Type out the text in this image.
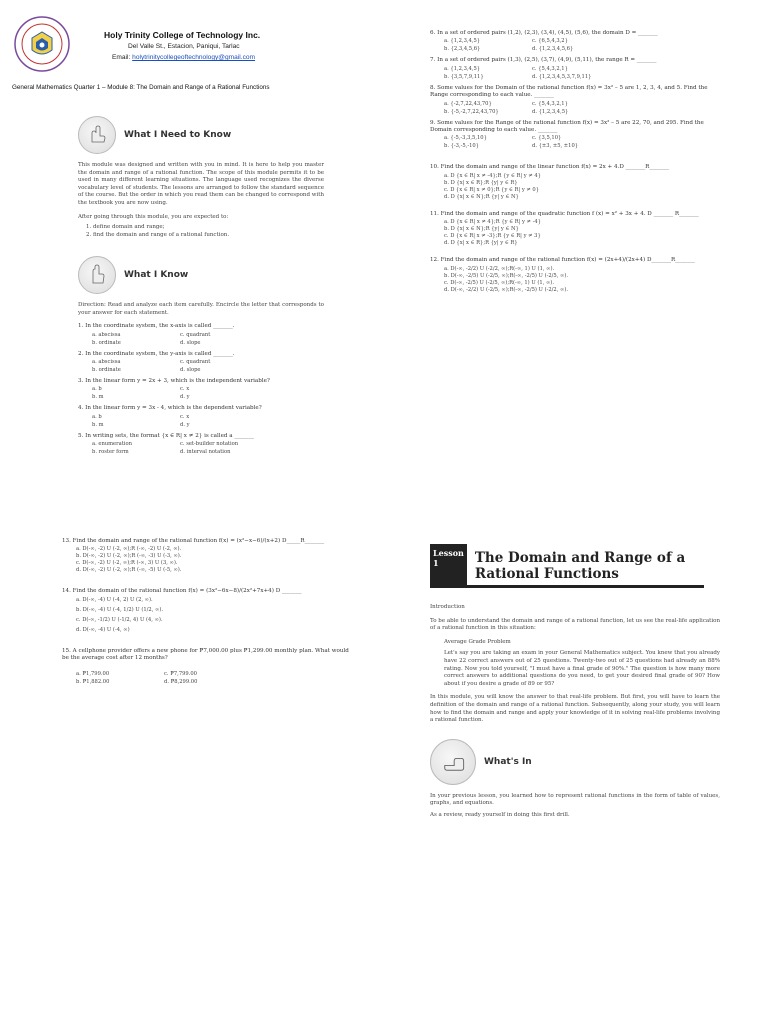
Holy Trinity College of Technology Inc.
Del Valle St., Estacion, Paniqui, Tarlac
Email: holytrinitycollegeoftechnology@gmail.com
General Mathematics Quarter 1 – Module 8: The Domain and Range of a Rational Functions
What I Need to Know
This module was designed and written with you in mind. It is here to help you master the domain and range of a rational function. The scope of this module permits it to be used in many different learning situations. The language used recognizes the diverse vocabulary level of students. The lessons are arranged to follow the standard sequence of the course. But the order in which you read them can be changed to correspond with the textbook you are now using.
After going through this module, you are expected to:
1. define domain and range;
2. find the domain and range of a rational function.
What I Know
Direction: Read and analyze each item carefully. Encircle the letter that corresponds to your answer for each statement.
1. In the coordinate system, the x-axis is called _______.
a. abscissa	c. quadrant
b. ordinate	d. slope
2. In the coordinate system, the y-axis is called _______.
a. abscissa	c. quadrant
b. ordinate	d. slope
3. In the linear form y = 2x + 3, which is the independent variable?
a. b	c. x
b. m	d. y
4. In the linear form y = 3x - 4, which is the dependent variable?
a. b	c. x
b. m	d. y
5. In writing sets, the format {x ∈ R| x ≠ 2} is called a _______
a. enumeration	c. set-builder notation
b. roster form	d. interval notation
6. In a set of ordered pairs (1,2), (2,3), (3,4), (4,5), (5,6), the domain D = _______
a. {1,2,3,4,5}	c. {6,5,4,3,2}
b. {2,3,4,5,6}	d. {1,2,3,4,5,6}
7. In a set of ordered pairs (1,3), (2,5), (3,7), (4,9), (5,11), the range R = _______
a. {1,2,3,4,5}	c. {5,4,3,2,1}
b. {3,5,7,9,11}	d. {1,2,3,4,5,3,7,9,11}
8. Some values for the Domain of the rational function f(x) = 3x² – 5 are 1, 2, 3, 4, and 5. Find the Range corresponding to each value. _______
a. {-2,7,22,43,70}	c. {5,4,3,2,1}
b. {-5,-2,7,22,43,70}	d. {1,2,3,4,5}
9. Some values for the Range of the rational function f(x) = 3x² – 5 are 22, 70, and 295. Find the Domain corresponding to each value. _______
a. {-5,-3,3,5,10}	c. {3,5,10}
b. {-3,-5,-10}	d. {±3, ±5, ±10}
10. Find the domain and range of the linear function f(x) = 2x + 4.D _______R_______
a. D {x ∈ R| x ≠ -4};R {y ∈ R| y ≠ 4}
b. D {x| x ∈ R};R {y| y ∈ R}
c. D {x ∈ R| x ≠ 0};R {y ∈ R| y ≠ 0}
d. D {x| x ∈ N};R {y| y ∈ N}
11. Find the domain and range of the quadratic function f (x) = x² + 3x + 4. D _______ R_______
a. D {x ∈ R| x ≠ 4};R {y ∈ R| y ≠ -4}
b. D {x| x ∈ N};R {y| y ∈ N}
c. D {x ∈ R| x ≠ -3};R {y ∈ R| y ≠ 3}
d. D {x| x ∈ R};R {y| y ∈ R}
12. Find the domain and range of the rational function f(x) = (2x+4)/(2x+4) D_______R_______
a. D(-∞, -2/2) U (-2/2, ∞);R(-∞, 1) U (1, ∞).
b. D(-∞, -2/5) U (-2/5, ∞);R(-∞, -2/5) U (-2/5, ∞).
c. D(-∞, -2/5) U (-2/5, ∞);R(-∞, 1) U (1, ∞).
d. D(-∞, -2/2) U (-2/5, ∞);R(-∞, -2/5) U (-2/2, ∞).
13. Find the domain and range of the rational function f(x) = (x²−x−6)/(x+2) D_____R_______
a. D(-∞, -2) U (-2, ∞);R (-∞, -2) U (-2, ∞).
b. D(-∞, -2) U (-2, ∞);R (-∞, -3) U (-3, ∞).
c. D(-∞, -2) U (-2, ∞);R (-∞, 3) U (3, ∞).
d. D(-∞, -2) U (-2, ∞);R (-∞, -5) U (-5, ∞).
14. Find the domain of the rational function f(x) = (3x²−6x−8)/(2x²+7x+4) D _______
a. D(-∞, -4) U (-4, 2) U (2, ∞).
b. D(-∞, -4) U (-4, 1/2) U (1/2, ∞).
c. D(-∞, -1/2) U (-1/2, 4) U (4, ∞).
d. D(-∞, -4) U (-4, ∞)
15. A cellphone provider offers a new phone for ₱7,000.00 plus ₱1,299.00 monthly plan. What would be the average cost after 12 months?
a. ₱1,799.00	c. ₱7,799.00
b. ₱1,882.00	d. ₱8,299.00
Lesson
1	The Domain and Range of a Rational Functions
Introduction
To be able to understand the domain and range of a rational function, let us see the real-life application of a rational function in this situation:
Average Grade Problem
Let's say you are taking an exam in your General Mathematics subject. You knew that you already have 22 correct answers out of 25 questions. Twenty-two out of 25 questions had already an 88% rating. Now you told yourself, "I must have a final grade of 90%." The question is how many more correct answers to additional questions do you need, to get your desired final grade of 90? How about if you desire a grade of 89 or 95?
In this module, you will know the answer to that real-life problem. But first, you will have to learn the definition of the domain and range of a rational function. Subsequently, along your study, you will learn how to find the domain and range and apply your knowledge of it in solving real-life problems involving a rational function.
What's In
In your previous lesson, you learned how to represent rational functions in the form of table of values, graphs, and equations.
As a review, ready yourself in doing this first drill.
